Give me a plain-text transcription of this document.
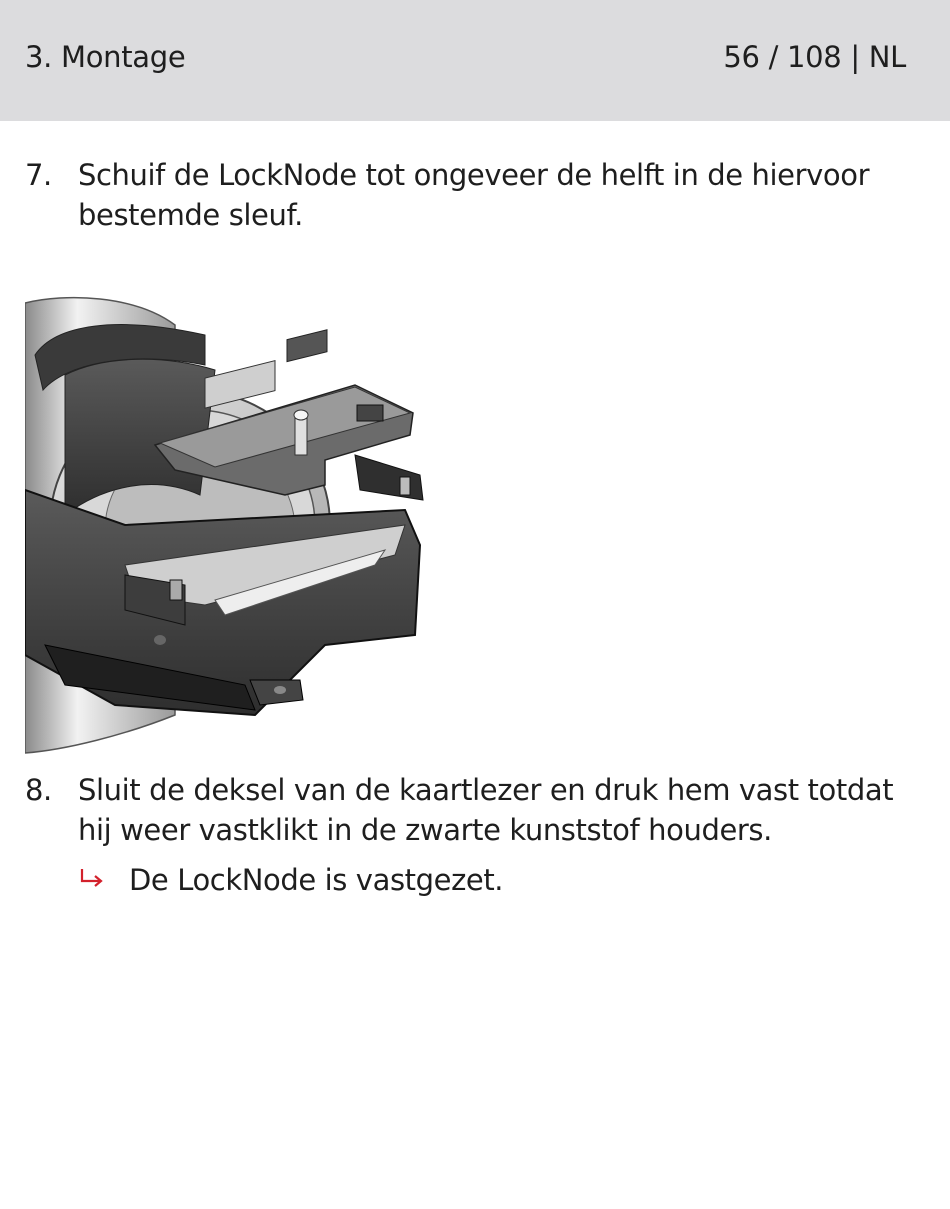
3. Montage	56 / 108 | NL
7. Schuif de LockNode tot ongeveer de helft in de hiervoor bestemde sleuf.
8. Sluit de deksel van de kaartlezer en druk hem vast totdat hij weer vastklikt in de zwarte kunststof houders.
De LockNode is vastgezet.
